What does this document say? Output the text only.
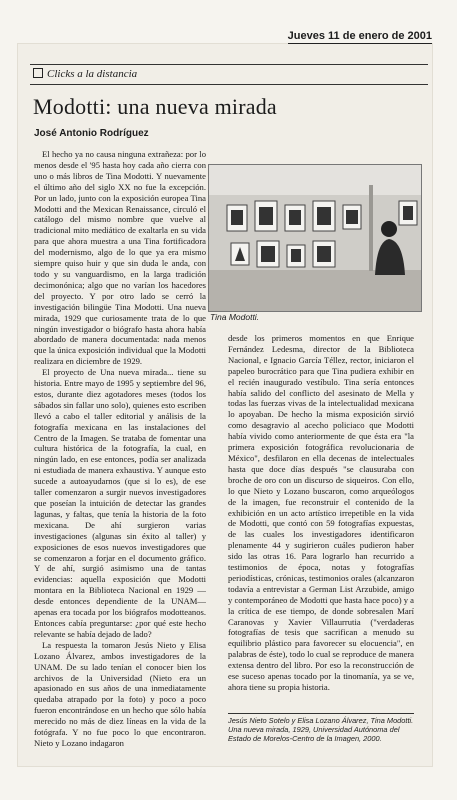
Jueves 11 de enero de 2001
Clicks a la distancia
Modotti: una nueva mirada
José Antonio Rodríguez

El hecho ya no causa ninguna extrañeza: por lo menos desde el '95 hasta hoy cada año cierra con uno o más libros de Tina Modotti. Y nuevamente el último año del siglo XX no fue la excepción. Por un lado, junto con la exposición europea Tina Modotti and the Mexican Renaissance, circuló el catálogo del mismo nombre que vuelve al tradicional mito mediático de exaltarla en su vida para que ahora muestra a una Tina fortificadora del modernismo, algo de lo que ya era mismo siempre quiso huir y que sin duda le anda, con todo y su vanguardismo, en la larga tradición decimonónica; algo que no varían los hacedores del proyecto. Y por otro lado se cerró la investigación bilingüe Tina Modotti. Una nueva mirada, 1929 que curiosamente trata de lo que ningún investigador o biógrafo hasta ahora había abordado de manera documentada: nada menos que la única exposición individual que la Modotti realizara en diciembre de 1929.

El proyecto de Una nueva mirada... tiene su historia. Entre mayo de 1995 y septiembre del 96, estos, durante diez agotadores meses (todos los sábados sin fallar uno solo), quienes esto escriben llevó a cabo el taller editorial y análisis de la fotografía mexicana en las instalaciones del Centro de la Imagen. Se trataba de fomentar una cultura histórica de la fotografía, la cual, en ningún lado, en ese entonces, podía ser analizada ni estudiada de manera exhaustiva. Y aunque esto sucede a autoayudarnos (que si lo es), de ese taller comenzaron a surgir nuevos investigadores que poseían la intuición de detectar las grandes lagunas, y faltas, que tenía la historia de la foto mexicana. De ahí surgieron varias investigaciones (algunas sin éxito al taller) y exposiciones de esos nuevos investigadores que se comenzaron a forjar en el documento gráfico. Y de ahí, surgió asimismo una de tantas evidencias: aquella exposición que Modotti montara en la Biblioteca Nacional en 1929 —desde entonces dependiente de la UNAM— apenas era tocada por los biógrafos modotteanos. Entonces cabía preguntarse: ¿por qué este hecho relevante se había dejado de lado?

La respuesta la tomaron Jesús Nieto y Elisa Lozano Álvarez, ambos investigadores de la UNAM. De su lado tenían el conocer bien los archivos de la Universidad (Nieto era un apasionado en sus años de una inmediatamente quedaba atrapado por la foto) y poco a poco fueron encontrándose en un hecho que sólo había merecido no más de diez líneas en la vida de la fotógrafa. Y no fue poco lo que encontraron. Nieto y Lozano indagaron

Tina Modotti.

desde los primeros momentos en que Enrique Fernández Ledesma, director de la Biblioteca Nacional, e Ignacio García Téllez, rector, iniciaron el papeleo burocrático para que Tina pudiera exhibir en el recién inaugurado vestíbulo. Tina sería entonces había salido del conflicto del asesinato de Mella y todas las fuerzas vivas de la intelectualidad mexicana lo apoyaban. De hecho la misma exposición sirvió como desagravio al acecho policiaco que Modotti había vivido como anteriormente de que ésta era "la primera exposición fotográfica revolucionaria de México", desfilaron en ella decenas de intelectuales hasta que doce días después "se clausuraba con broche de oro con un discurso de siqueiros. Con ello, lo que Nieto y Lozano buscaron, como arqueólogos de la imagen, fue reconstruir el contenido de la exhibición en un acto artístico irrepetible en la vida de Modotti, que contó con 59 fotografías expuestas, de las cuales los investigadores identificaron plenamente 44 y sugirieron cuáles pudieron haber sido las otras 16. Para lograrlo han recurrido a testimonios de época, notas y fotografías periodísticas, crónicas, testimonios orales (alcanzaron todavía a entrevistar a German List Arzubide, amigo y contemporáneo de Modotti que hasta hace poco) y a la crítica de ese tiempo, de donde sobresalen Marí Caranovas y Xavier Villaurrutia ("verdaderas fotografías de tesis que sacrifican a menudo su equilibrio plástico para favorecer su elocuencia", en palabras de éste), todo lo cual se reproduce de manera extensa dentro del libro. Por eso la reconstrucción de ese suceso apenas tocado por la tinomanía, ya se ve, ahora tiene su propia historia.

Jesús Nieto Sotelo y Elisa Lozano Álvarez, Tina Modotti. Una nueva mirada, 1929, Universidad Autónoma del Estado de Morelos-Centro de la Imagen, 2000.
